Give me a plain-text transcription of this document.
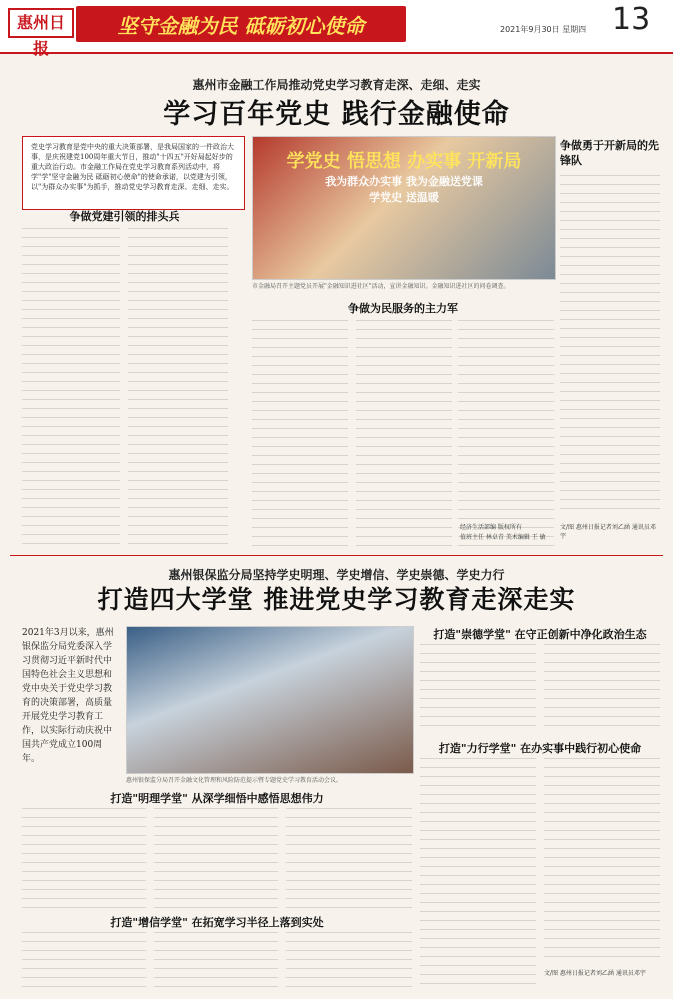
惠州日报
坚守金融为民 砥砺初心使命	2021年9月30日 星期四 13
惠州市金融工作局推动党史学习教育走深、走细、走实
学习百年党史 践行金融使命
党史学习教育是党中央的重大决策部署，是我局国家的一件政治大事，是庆祝建党100周年重大节日，推动"十四五"开好局起好步的重大政治行动。市金融工作局在党史学习教育系列活动中，将学"学"坚守金融为民 砥砺初心使命"的使命承诺，以党建为引领，以"为群众办实事"为抓手，推动党史学习教育走深、走细、走实。
学党史 悟思想 办实事 开新局
我为群众办实事 我为金融送党课
学党史 送温暖
市金融局召开主题党员开展"金融知识进社区"活动，宣讲金融知识。金融知识进社区的问卷调查。
争做党建引领的排头兵
争做为民服务的主力军
争做勇于开新局的先锋队
文/图 惠州日报记者刘乙涵 通讯员邓宇
经济生活部编 版权所有
值班主任 林卓青 美术编辑 王 敏
惠州银保监分局坚持学史明理、学史增信、学史崇德、学史力行
打造四大学堂 推进党史学习教育走深走实
2021年3月以来，惠州银保监分局党委深入学习贯彻习近平新时代中国特色社会主义思想和党中央关于党史学习教育的决策部署，高质量开展党史学习教育工作，以实际行动庆祝中国共产党成立100周年。
惠州银保监分局召开金融文化管理和风险防范提示暨专题党史学习教育活动会议。
打造"明理学堂" 从深学细悟中感悟思想伟力
打造"增信学堂" 在拓宽学习半径上落到实处
打造"崇德学堂" 在守正创新中净化政治生态
打造"力行学堂" 在办实事中践行初心使命
文/图 惠州日报记者刘乙涵 通讯员邓宇
